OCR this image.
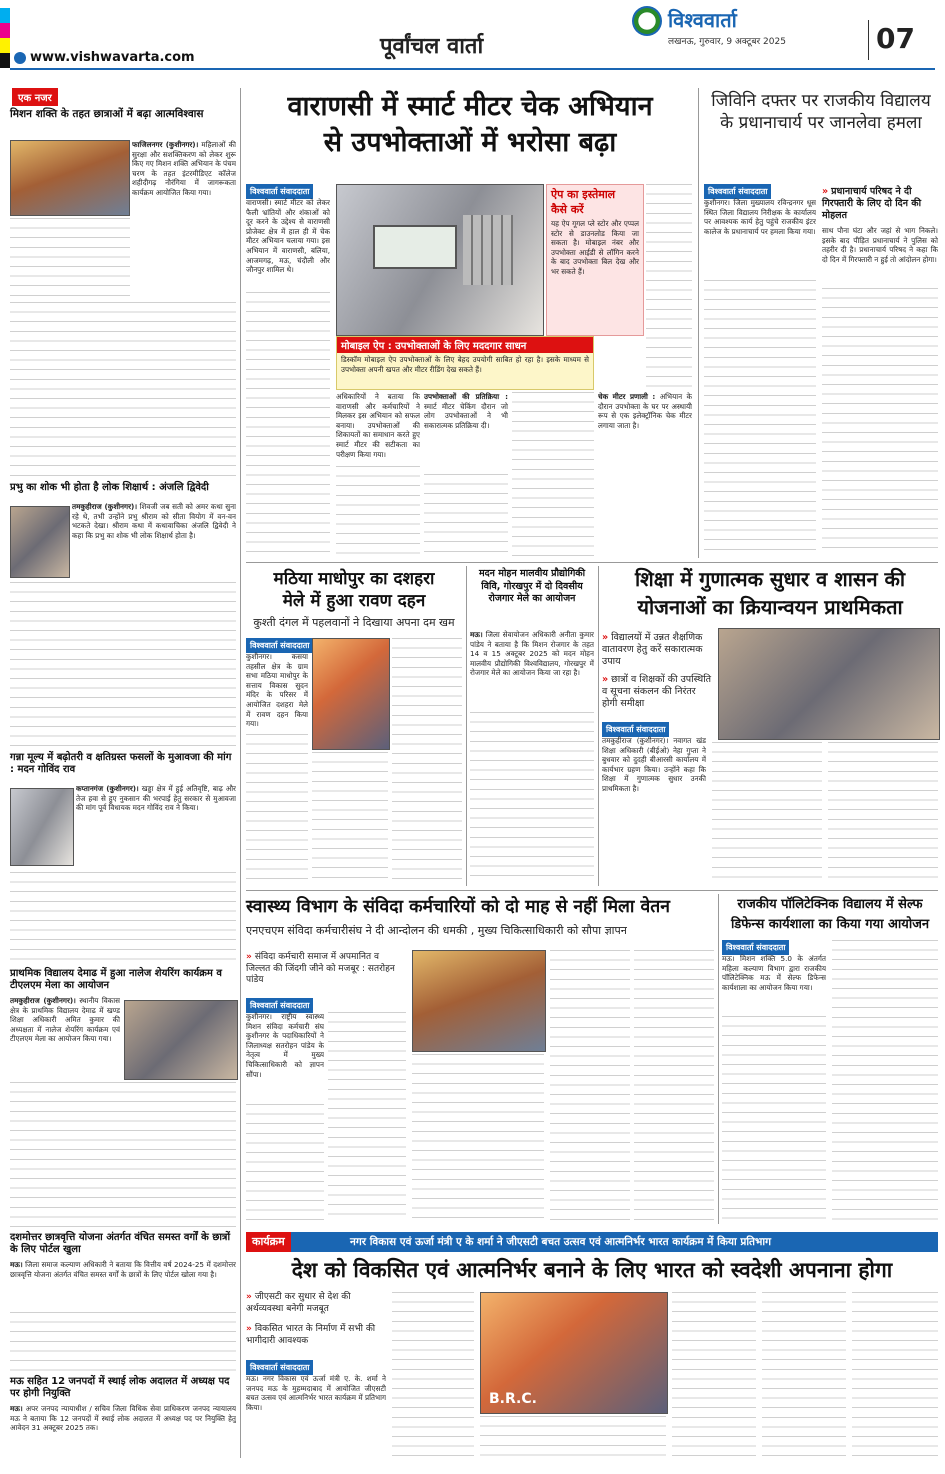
www.vishwavarta.com	पूर्वांचल वार्ता
विश्ववार्ता
लखनऊ, गुरुवार, 9 अक्टूबर 2025	07
एक नजर
मिशन शक्ति के तहत छात्राओं में बढ़ा आत्मविश्वास
फाजिलनगर (कुशीनगर)। महिलाओं की सुरक्षा और सशक्तिकरण को लेकर शुरू किए गए मिशन शक्ति अभियान के पंचम चरण के तहत इंटरमीडिएट कॉलेज शहीदीगढ़ नौरंगिया में जागरूकता कार्यक्रम आयोजित किया गया।
प्रभु का शोक भी होता है लोक शिक्षार्थ : अंजलि द्विवेदी
तमकुहीराज (कुशीनगर)। शिवजी जब सती को अमर कथा सुना रहे थे, तभी उन्होंने प्रभु श्रीराम को सीता वियोग में वन-वन भटकते देखा। श्रीराम कथा में कथावाचिका अंजलि द्विवेदी ने कहा कि प्रभु का शोक भी लोक शिक्षार्थ होता है।
गन्ना मूल्य में बढ़ोतरी व क्षतिग्रस्त फसलों के मुआवजा की मांग : मदन गोविंद राव
कप्तानगंज (कुशीनगर)। खड्डा क्षेत्र में हुई अतिवृष्टि, बाढ़ और तेज हवा से हुए नुकसान की भरपाई हेतु सरकार से मुआवजा की मांग पूर्व विधायक मदन गोविंद राव ने किया।
प्राथमिक विद्यालय देमाढ में हुआ नालेज शेयरिंग कार्यक्रम व टीएलएम मेला का आयोजन
तमकुहीराज (कुशीनगर)। स्थानीय विकास क्षेत्र के प्राथमिक विद्यालय देमाढ में खण्ड शिक्षा अधिकारी अमित कुमार की अध्यक्षता में नालेज शेयरिंग कार्यक्रम एवं टीएलएम मेला का आयोजन किया गया।
दशमोत्तर छात्रवृत्ति योजना अंतर्गत वंचित समस्त वर्गों के छात्रों के लिए पोर्टल खुला
मऊ। जिला समाज कल्याण अधिकारी ने बताया कि वित्तीय वर्ष 2024-25 में दशमोत्तर छात्रवृत्ति योजना अंतर्गत वंचित समस्त वर्गों के छात्रों के लिए पोर्टल खोला गया है।
मऊ सहित 12 जनपदों में स्थाई लोक अदालत में अध्यक्ष पद पर होगी नियुक्ति
मऊ। अपर जनपद न्यायाधीश / सचिव जिला विधिक सेवा प्राधिकरण जनपद न्यायालय मऊ ने बताया कि 12 जनपदों में स्थाई लोक अदालत में अध्यक्ष पद पर नियुक्ति हेतु आवेदन 31 अक्टूबर 2025 तक।
वाराणसी में स्मार्ट मीटर चेक अभियान
से उपभोक्ताओं में भरोसा बढ़ा
विश्ववार्ता संवाददाता
वाराणसी। स्मार्ट मीटर को लेकर फैली भ्रांतियों और शंकाओं को दूर करने के उद्देश्य से वाराणसी प्रोजेक्ट क्षेत्र में हाल ही में चेक मीटर अभियान चलाया गया। इस अभियान में वाराणसी, बलिया, आजमगढ़, मऊ, चंदौली और जौनपुर शामिल थे।
मोबाइल ऐप : उपभोक्ताओं के लिए मददगार साधन
डिस्कॉम मोबाइल ऐप उपभोक्ताओं के लिए बेहद उपयोगी साबित हो रहा है। इसके माध्यम से उपभोक्ता अपनी खपत और मीटर रीडिंग देख सकते हैं।
ऐप का इस्तेमाल
कैसे करें
यह ऐप गूगल प्ले स्टोर और एप्पल स्टोर से डाउनलोड किया जा सकता है। मोबाइल नंबर और उपभोक्ता आईडी से लॉगिन करने के बाद उपभोक्ता बिल देख और भर सकते हैं।
अधिकारियों ने बताया कि वाराणसी और कर्मचारियों ने मिलकर इस अभियान को सफल बनाया। उपभोक्ताओं की शिकायतों का समाधान करते हुए स्मार्ट मीटर की सटीकता का परीक्षण किया गया।
उपभोक्ताओं की प्रतिक्रिया : स्मार्ट मीटर चेकिंग दौरान जो लोग उपभोक्ताओं ने भी सकारात्मक प्रतिक्रिया दी।
चेक मीटर प्रणाली : अभियान के दौरान उपभोक्ता के घर पर अस्थायी रूप से एक इलेक्ट्रॉनिक चेक मीटर लगाया जाता है।
जिविनि दफ्तर पर राजकीय विद्यालय के प्रधानाचार्य पर जानलेवा हमला
विश्ववार्ता संवाददाता
कुशीनगर। जिला मुख्यालय रविन्द्रनगर धूस स्थित जिला विद्यालय निरीक्षक के कार्यालय पर आवश्यक कार्य हेतु पहुंचे राजकीय इंटर कालेज के प्रधानाचार्य पर हमला किया गया।
» प्रधानाचार्य परिषद ने दी गिरफ्तारी के लिए दो दिन की मोहलत
साथ पौना घंटा और जहां से भाग निकले। इसके बाद पीड़ित प्रधानाचार्य ने पुलिस को तहरीर दी है। प्रधानाचार्य परिषद ने कहा कि दो दिन में गिरफ्तारी न हुई तो आंदोलन होगा।
मठिया माधोपुर का दशहरा
मेले में हुआ रावण दहन
कुश्ती दंगल में पहलवानों ने दिखाया अपना दम खम
विश्ववार्ता संवाददाता
कुशीनगर। कसया तहसील क्षेत्र के ग्राम सभा मठिया माधोपुर के सत्ताय विकास सुदन मंदिर के परिसर में आयोजित दशहरा मेले में रावण दहन किया गया।
मदन मोहन मालवीय प्रौद्योगिकी विवि, गोरखपुर में दो दिवसीय रोजगार मेले का आयोजन
मऊ। जिला सेवायोजन अधिकारी अनीता कुमार पांडेय ने बताया है कि मिशन रोजगार के तहत 14 व 15 अक्टूबर 2025 को मदन मोहन मालवीय प्रौद्योगिकी विश्वविद्यालय, गोरखपुर में रोजगार मेले का आयोजन किया जा रहा है।
शिक्षा में गुणात्मक सुधार व शासन की
योजनाओं का क्रियान्वयन प्राथमिकता
» विद्यालयों में उन्नत शैक्षणिक वातावरण हेतु करें सकारात्मक उपाय
» छात्रों व शिक्षकों की उपस्थिति व सूचना संकलन की निरंतर होगी समीक्षा
विश्ववार्ता संवाददाता
तमकुहीराज (कुशीनगर)। नवागत खंड शिक्षा अधिकारी (बीईओ) नेहा गुप्ता ने बुधवार को दुदही बीआरसी कार्यालय में कार्यभार ग्रहण किया। उन्होंने कहा कि शिक्षा में गुणात्मक सुधार उनकी प्राथमिकता है।
स्वास्थ्य विभाग के संविदा कर्मचारियों को दो माह से नहीं मिला वेतन
एनएचएम संविदा कर्मचारीसंघ ने दी आन्दोलन की धमकी , मुख्य चिकित्साधिकारी को सौपा ज्ञापन
» संविदा कर्मचारी समाज में अपमानित व जिल्लत की जिंदगी जीने को मजबूर : सतरोहन पांडेय
विश्ववार्ता संवाददाता
कुशीनगर। राष्ट्रीय स्वास्थ्य मिशन संविदा कर्मचारी संघ कुशीनगर के पदाधिकारियों ने जिलाध्यक्ष सतरोहन पांडेय के नेतृत्व में मुख्य चिकित्साधिकारी को ज्ञापन सौंपा।
राजकीय पॉलिटेक्निक विद्यालय में सेल्फ
डिफेन्स कार्यशाला का किया गया आयोजन
विश्ववार्ता संवाददाता
मऊ। मिशन शक्ति 5.0 के अंतर्गत महिला कल्याण विभाग द्वारा राजकीय पॉलिटेक्निक मऊ में सेल्फ डिफेन्स कार्यशाला का आयोजन किया गया।
कार्यक्रम	नगर विकास एवं ऊर्जा मंत्री ए के शर्मा ने जीएसटी बचत उत्सव एवं आत्मनिर्भर भारत कार्यक्रम में किया प्रतिभाग
देश को विकसित एवं आत्मनिर्भर बनाने के लिए भारत को स्वदेशी अपनाना होगा
» जीएसटी कर सुधार से देश की अर्थव्यवस्था बनेगी मजबूत
» विकसित भारत के निर्माण में सभी की भागीदारी आवश्यक
विश्ववार्ता संवाददाता
मऊ। नगर विकास एवं ऊर्जा मंत्री ए. के. शर्मा ने जनपद मऊ के मुहम्मदाबाद में आयोजित जीएसटी बचत उत्सव एवं आत्मनिर्भर भारत कार्यक्रम में प्रतिभाग किया।
B.R.C.
